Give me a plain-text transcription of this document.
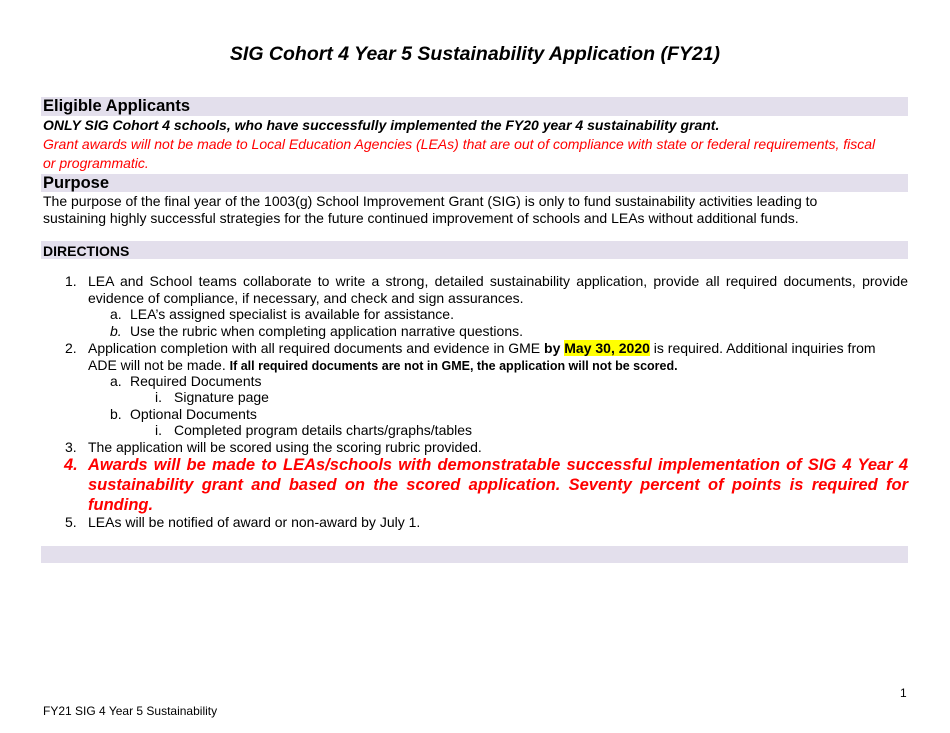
SIG Cohort 4 Year 5 Sustainability Application (FY21)
Eligible Applicants
ONLY SIG Cohort 4 schools, who have successfully implemented the FY20 year 4 sustainability grant.
Grant awards will not be made to Local Education Agencies (LEAs) that are out of compliance with state or federal requirements, fiscal
or programmatic.
Purpose
The purpose of the final year of the 1003(g) School Improvement Grant (SIG) is only to fund sustainability activities leading to
sustaining highly successful strategies for the future continued improvement of schools and LEAs without additional funds.
DIRECTIONS
1. LEA and School teams collaborate to write a strong, detailed sustainability application, provide all required documents, provide
evidence of compliance, if necessary, and check and sign assurances.
a. LEA’s assigned specialist is available for assistance.
b. Use the rubric when completing application narrative questions.
2. Application completion with all required documents and evidence in GME by May 30, 2020 is required. Additional inquiries from
ADE will not be made. If all required documents are not in GME, the application will not be scored.
a. Required Documents
i. Signature page
b. Optional Documents
i. Completed program details charts/graphs/tables
3. The application will be scored using the scoring rubric provided.
4. Awards will be made to LEAs/schools with demonstratable successful implementation of SIG 4 Year 4
sustainability grant and based on the scored application. Seventy percent of points is required for
funding.
5. LEAs will be notified of award or non-award by July 1.
1
FY21 SIG 4 Year 5 Sustainability
